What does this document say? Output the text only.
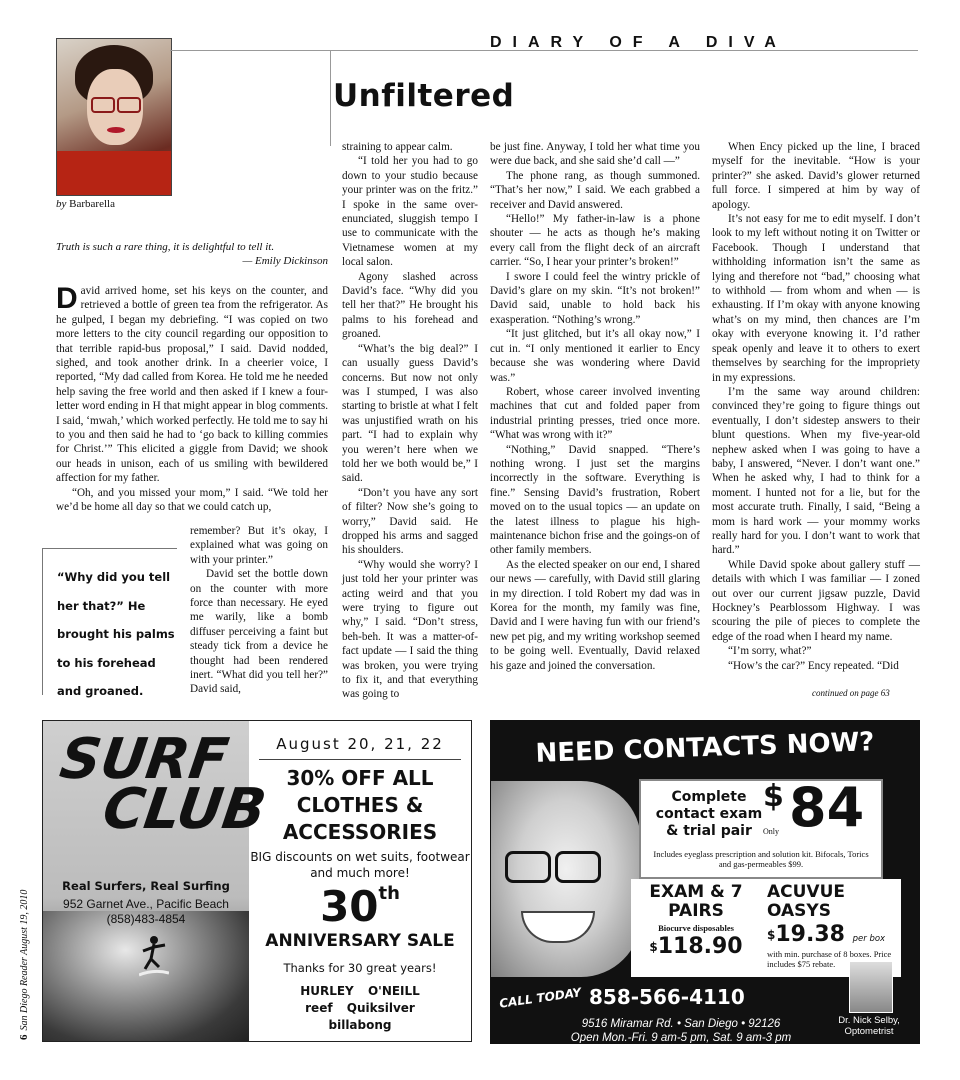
DIARY OF A DIVA
Unfiltered
by Barbarella
Truth is such a rare thing, it is delightful to tell it.
— Emily Dickinson
D avid arrived home, set his keys on the counter, and retrieved a bottle of green tea from the refrigerator. As he gulped, I began my debriefing. “I was copied on two more letters to the city council regarding our opposition to that terrible rapid-bus proposal,” I said. David nodded, sighed, and took another drink. In a cheerier voice, I reported, “My dad called from Korea. He told me he needed help saving the free world and then asked if I knew a four-letter word ending in H that might appear in blog comments. I said, ‘mwah,’ which worked perfectly. He told me to say hi to you and then said he had to ‘go back to killing commies for Christ.’” This elicited a giggle from David; we shook our heads in unison, each of us smiling with bewildered affection for my father.

“Oh, and you missed your mom,” I said. “We told her we’d be home all day so that we could catch up,

remember? But it’s okay, I explained what was going on with your printer.”

David set the bottle down on the counter with more force than necessary. He eyed me warily, like a bomb diffuser perceiving a faint but steady tick from a device he thought had been rendered inert. “What did you tell her?” David said,

“Why did you tell her that?” He brought his palms to his forehead and groaned.

straining to appear calm.

“I told her you had to go down to your studio because your printer was on the fritz.” I spoke in the same over-enunciated, sluggish tempo I use to communicate with the Vietnamese women at my local salon.

Agony slashed across David’s face. “Why did you tell her that?” He brought his palms to his forehead and groaned.

“What’s the big deal?” I can usually guess David’s concerns. But now not only was I stumped, I was also starting to bristle at what I felt was unjustified wrath on his part. “I had to explain why you weren’t here when we told her we both would be,” I said.

“Don’t you have any sort of filter? Now she’s going to worry,” David said. He dropped his arms and sagged his shoulders.

“Why would she worry? I just told her your printer was acting weird and that you were trying to figure out why,” I said. “Don’t stress, beh-beh. It was a matter-of-fact update — I said the thing was broken, you were trying to fix it, and that everything was going to

be just fine. Anyway, I told her what time you were due back, and she said she’d call —”

The phone rang, as though summoned. “That’s her now,” I said. We each grabbed a receiver and David answered.

“Hello!” My father-in-law is a phone shouter — he acts as though he’s making every call from the flight deck of an aircraft carrier. “So, I hear your printer’s broken!”

I swore I could feel the wintry prickle of David’s glare on my skin. “It’s not broken!” David said, unable to hold back his exasperation. “Nothing’s wrong.”

“It just glitched, but it’s all okay now,” I cut in. “I only mentioned it earlier to Ency because she was wondering where David was.”

Robert, whose career involved inventing machines that cut and folded paper from industrial printing presses, tried once more. “What was wrong with it?”

“Nothing,” David snapped. “There’s nothing wrong. I just set the margins incorrectly in the software. Everything is fine.” Sensing David’s frustration, Robert moved on to the usual topics — an update on the latest illness to plague his high-maintenance bichon frise and the goings-on of other family members.

As the elected speaker on our end, I shared our news — carefully, with David still glaring in my direction. I told Robert my dad was in Korea for the month, my family was fine, David and I were having fun with our friend’s new pet pig, and my writing workshop seemed to be going well. Eventually, David relaxed his gaze and joined the conversation.

When Ency picked up the line, I braced myself for the inevitable. “How is your printer?” she asked. David’s glower returned full force. I simpered at him by way of apology.

It’s not easy for me to edit myself. I don’t look to my left without noting it on Twitter or Facebook. Though I understand that withholding information isn’t the same as lying and therefore not “bad,” choosing what to withhold — from whom and when — is exhausting. If I’m okay with anyone knowing what’s on my mind, then chances are I’m okay with everyone knowing it. I’d rather speak openly and leave it to others to exert themselves by searching for the impropriety in my expressions.

I’m the same way around children: convinced they’re going to figure things out eventually, I don’t sidestep answers to their blunt questions. When my five-year-old nephew asked when I was going to have a baby, I answered, “Never. I don’t want one.” When he asked why, I had to think for a moment. I hunted not for a lie, but for the most accurate truth. Finally, I said, “Being a mom is hard work — your mommy works really hard for you. I don’t want to work that hard.”

While David spoke about gallery stuff — details with which I was familiar — I zoned out over our current jigsaw puzzle, David Hockney’s Pearblossom Highway. I was scouring the pile of pieces to complete the edge of the road when I heard my name.

“I’m sorry, what?”

“How’s the car?” Ency repeated. “Did

continued on page 63
SURF
CLUB
Real Surfers, Real Surfing
952 Garnet Ave., Pacific Beach
(858)483-4854
August 20, 21, 22
30% OFF ALL CLOTHES & ACCESSORIES
BIG discounts on wet suits, footwear and much more!
30th
ANNIVERSARY SALE
Thanks for 30 great years!
HURLEY O'NEILL
reef Quiksilver
billabong
NEED CONTACTS NOW?
Complete contact exam & trial pair
$
Only 84
Includes eyeglass prescription and solution kit. Bifocals, Torics and gas-permeables $99.
EXAM & 7 PAIRS
Biocurve disposables
$118.90
ACUVUE OASYS
$19.38 per box
with min. purchase of 8 boxes. Price includes $75 rebate.
CALL TODAY 858-566-4110
9516 Miramar Rd. • San Diego • 92126
Open Mon.-Fri. 9 am-5 pm, Sat. 9 am-3 pm
Dr. Nick Selby,
Optometrist
6San Diego Reader August 19, 2010
